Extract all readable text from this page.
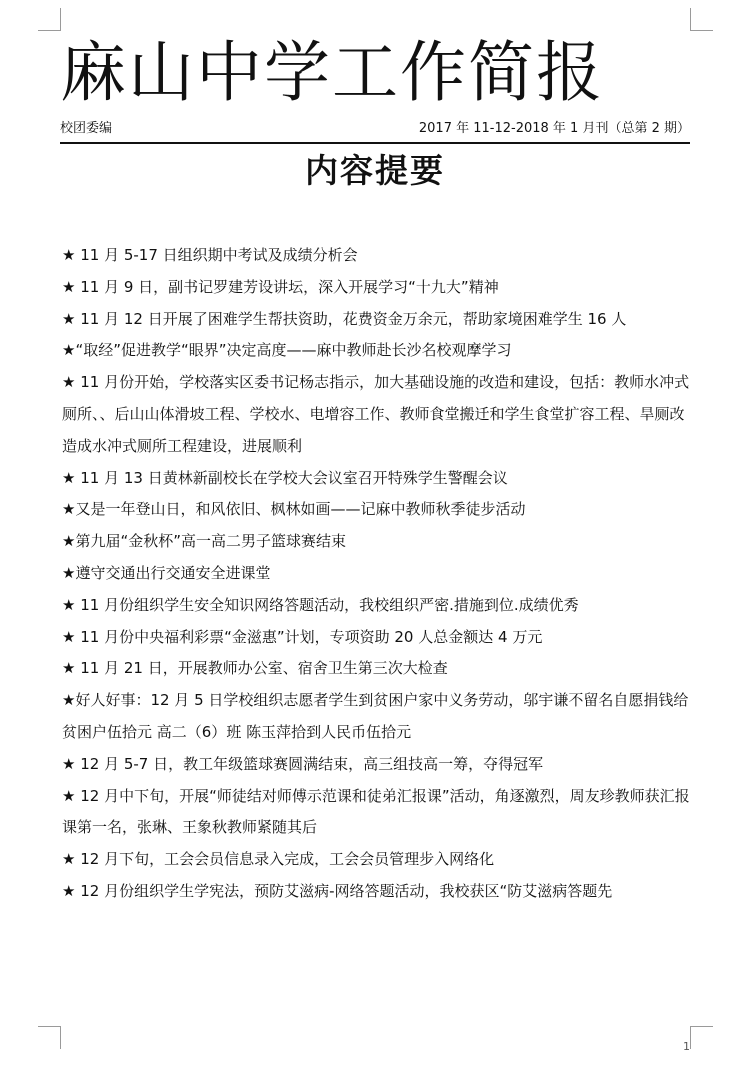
麻山中学工作简报
校团委编	2017 年 11-12-2018 年 1 月刊（总第 2 期）
内容提要
★ 11 月 5-17 日组织期中考试及成绩分析会
★ 11 月 9 日，副书记罗建芳设讲坛，深入开展学习“十九大”精神
★ 11 月 12 日开展了困难学生帮扶资助，花费资金万余元，帮助家境困难学生 16 人
★“取经”促进教学“眼界”决定高度——麻中教师赴长沙名校观摩学习
★ 11 月份开始，学校落实区委书记杨志指示，加大基础设施的改造和建设，包括：教师水冲式厕所、、后山山体滑坡工程、学校水、电增容工作、教师食堂搬迁和学生食堂扩容工程、旱厕改造成水冲式厕所工程建设，进展顺利
★ 11 月 13 日黄林新副校长在学校大会议室召开特殊学生警醒会议
★又是一年登山日，和风依旧、枫林如画——记麻中教师秋季徒步活动
★第九届“金秋杯”高一高二男子篮球赛结束
★遵守交通出行交通安全进课堂
★ 11 月份组织学生安全知识网络答题活动，我校组织严密.措施到位.成绩优秀
★ 11 月份中央福利彩票“金滋惠”计划，专项资助 20 人总金额达 4 万元
★ 11 月 21 日，开展教师办公室、宿舍卫生第三次大检查
★好人好事：12 月 5 日学校组织志愿者学生到贫困户家中义务劳动，邬宇谦不留名自愿捐钱给贫困户伍拾元 高二（6）班 陈玉萍拾到人民币伍拾元
★ 12 月 5-7 日，教工年级篮球赛圆满结束，高三组技高一筹，夺得冠军
★ 12 月中下旬，开展“师徒结对师傅示范课和徒弟汇报课”活动，角逐激烈，周友珍教师获汇报课第一名，张琳、王象秋教师紧随其后
★ 12 月下旬，工会会员信息录入完成，工会会员管理步入网络化
★ 12 月份组织学生学宪法，预防艾滋病-网络答题活动，我校获区“防艾滋病答题先
1
